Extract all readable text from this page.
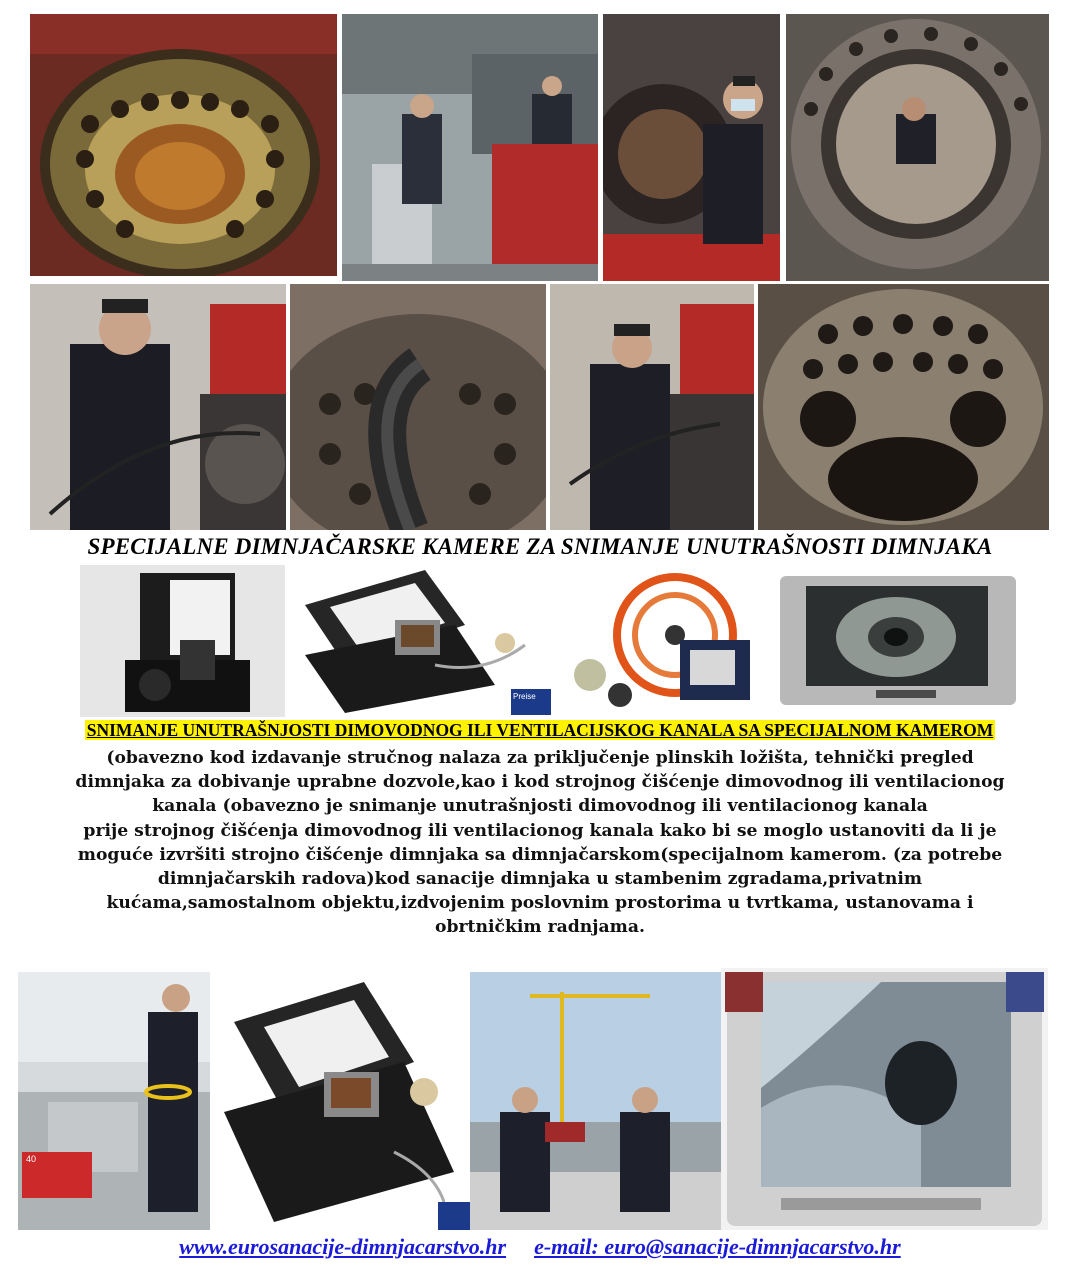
SPECIJALNE DIMNJAČARSKE KAMERE ZA SNIMANJE UNUTRAŠNOSTI DIMNJAKA
Preise
SNIMANJE UNUTRAŠNJOSTI DIMOVODNOG ILI VENTILACIJSKOG KANALA SA SPECIJALNOM KAMEROM
(obavezno kod izdavanje stručnog nalaza za priključenje plinskih ložišta, tehnički pregled
dimnjaka za dobivanje uprabne dozvole,kao i kod strojnog čišćenje dimovodnog ili ventilacionog
kanala (obavezno je snimanje unutrašnjosti dimovodnog ili ventilacionog kanala
prije strojnog čišćenja dimovodnog ili ventilacionog kanala kako bi se moglo ustanoviti da li je
moguće izvršiti strojno čišćenje dimnjaka sa dimnjačarskom(specijalnom kamerom. (za potrebe
dimnjačarskih radova)kod sanacije dimnjaka u stambenim zgradama,privatnim
kućama,samostalnom objektu,izdvojenim poslovnim prostorima u tvrtkama, ustanovama i
obrtničkim radnjama.
40
www.eurosanacije-dimnjacarstvo.hr e-mail: euro@sanacije-dimnjacarstvo.hr
